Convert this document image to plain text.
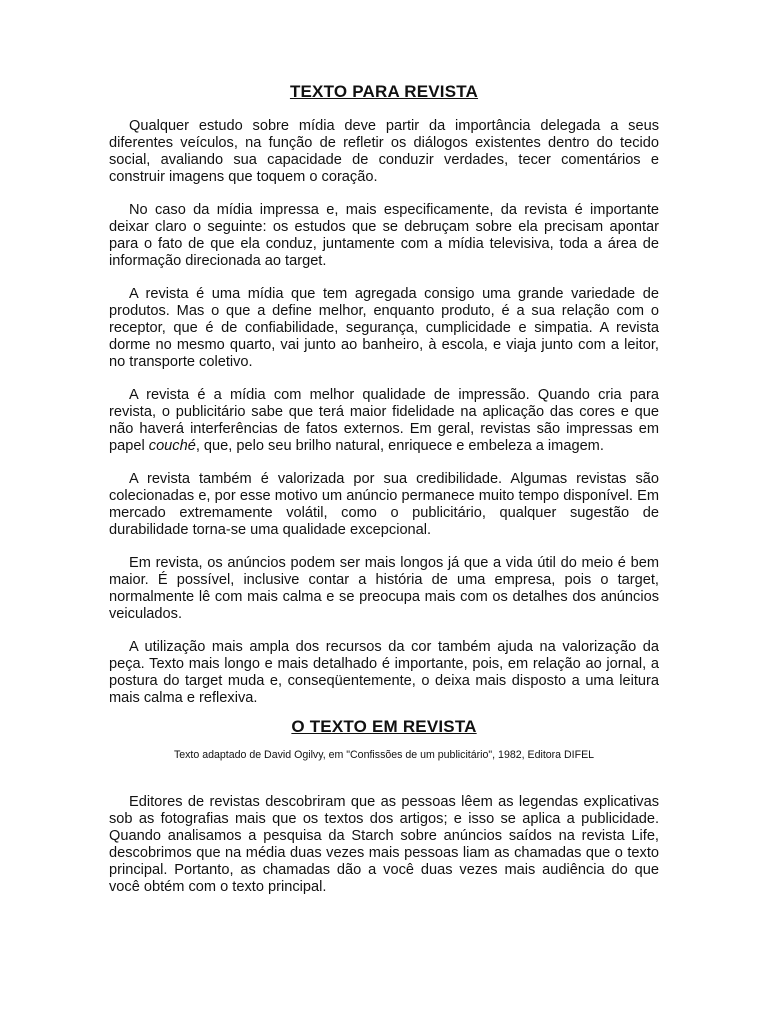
TEXTO PARA REVISTA

Qualquer estudo sobre mídia deve partir da importância delegada a seus diferentes veículos, na função de refletir os diálogos existentes dentro do tecido social, avaliando sua capacidade de conduzir verdades, tecer comentários e construir imagens que toquem o coração.

No caso da mídia impressa e, mais especificamente, da revista é importante deixar claro o seguinte: os estudos que se debruçam sobre ela precisam apontar para o fato de que ela conduz, juntamente com a mídia televisiva, toda a área de informação direcionada ao target.

A revista é uma mídia que tem agregada consigo uma grande variedade de produtos. Mas o que a define melhor, enquanto produto, é a sua relação com o receptor, que é de confiabilidade, segurança, cumplicidade e simpatia. A revista dorme no mesmo quarto, vai junto ao banheiro, à escola, e viaja junto com a leitor, no transporte coletivo.

A revista é a mídia com melhor qualidade de impressão. Quando cria para revista, o publicitário sabe que terá maior fidelidade na aplicação das cores e que não haverá interferências de fatos externos. Em geral, revistas são impressas em papel couché, que, pelo seu brilho natural, enriquece e embeleza a imagem.

A revista também é valorizada por sua credibilidade. Algumas revistas são colecionadas e, por esse motivo um anúncio permanece muito tempo disponível. Em mercado extremamente volátil, como o publicitário, qualquer sugestão de durabilidade torna-se uma qualidade excepcional.

Em revista, os anúncios podem ser mais longos já que a vida útil do meio é bem maior. É possível, inclusive contar a história de uma empresa, pois o target, normalmente lê com mais calma e se preocupa mais com os detalhes dos anúncios veiculados.

A utilização mais ampla dos recursos da cor também ajuda na valorização da peça. Texto mais longo e mais detalhado é importante, pois, em relação ao jornal, a postura do target muda e, conseqüentemente, o deixa mais disposto a uma leitura mais calma e reflexiva.

O TEXTO EM REVISTA
Texto adaptado de David Ogilvy, em "Confissões de um publicitário", 1982, Editora DIFEL

Editores de revistas descobriram que as pessoas lêem as legendas explicativas sob as fotografias mais que os textos dos artigos; e isso se aplica a publicidade. Quando analisamos a pesquisa da Starch sobre anúncios saídos na revista Life, descobrimos que na média duas vezes mais pessoas liam as chamadas que o texto principal. Portanto, as chamadas dão a você duas vezes mais audiência do que você obtém com o texto principal.
